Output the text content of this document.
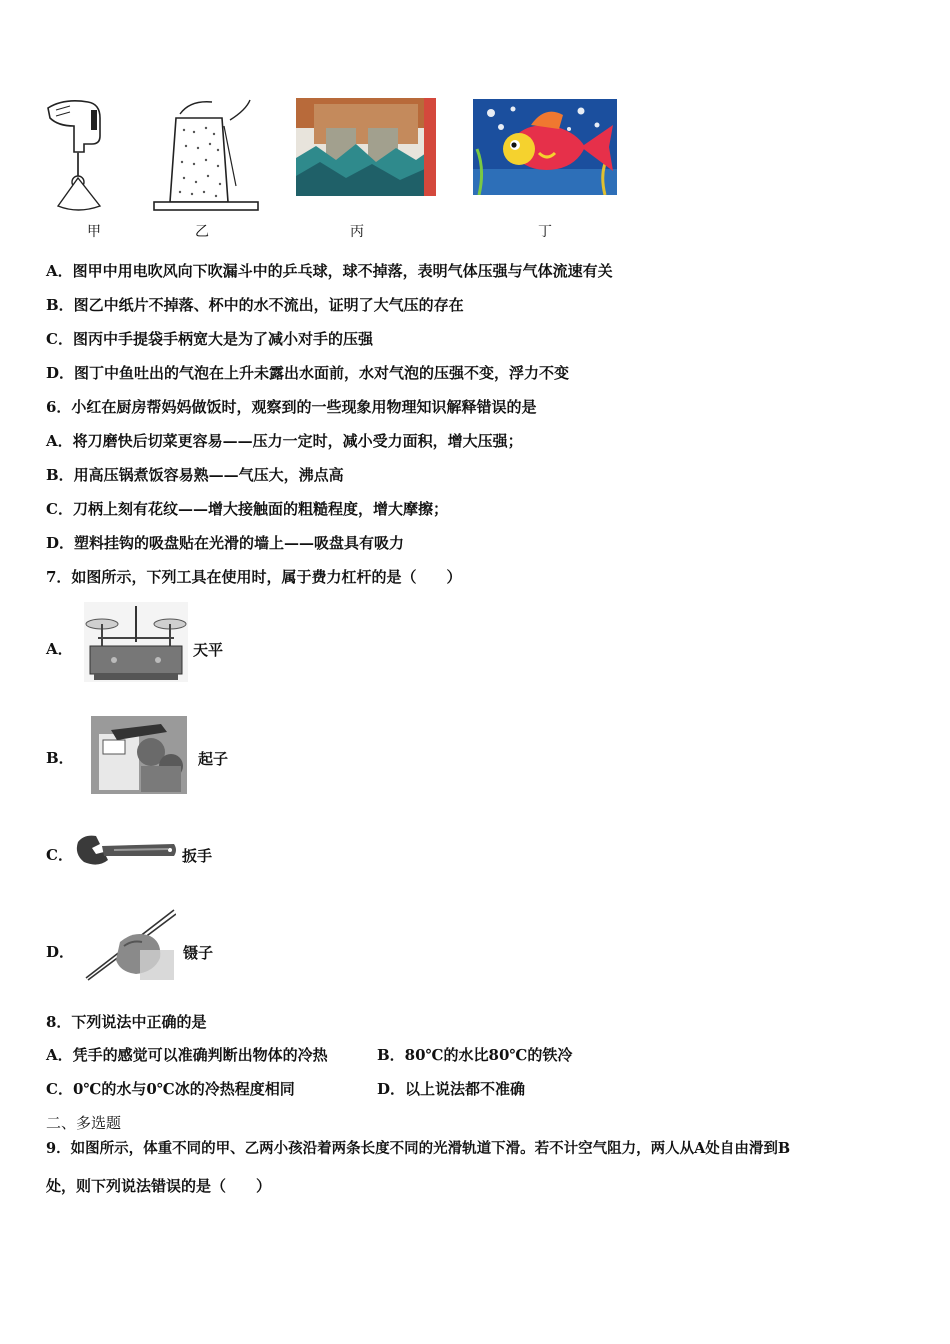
甲	乙	丙	丁
A．图甲中用电吹风向下吹漏斗中的乒乓球，球不掉落，表明气体压强与气体流速有关
B．图乙中纸片不掉落、杯中的水不流出，证明了大气压的存在
C．图丙中手提袋手柄宽大是为了减小对手的压强
D．图丁中鱼吐出的气泡在上升未露出水面前，水对气泡的压强不变，浮力不变
6．小红在厨房帮妈妈做饭时，观察到的一些现象用物理知识解释错误的是
A．将刀磨快后切菜更容易——压力一定时，减小受力面积，增大压强；
B．用高压锅煮饭容易熟——气压大，沸点高
C．刀柄上刻有花纹——增大接触面的粗糙程度，增大摩擦；
D．塑料挂钩的吸盘贴在光滑的墙上——吸盘具有吸力
7．如图所示，下列工具在使用时，属于费力杠杆的是（　　）
A．	天平
B．	起子
C．	扳手
D．	镊子
8．下列说法中正确的是
A．凭手的感觉可以准确判断出物体的冷热	B．80℃的水比80℃的铁冷
C．0℃的水与0℃冰的冷热程度相同	D．以上说法都不准确
二、多选题
9．如图所示，体重不同的甲、乙两小孩沿着两条长度不同的光滑轨道下滑。若不计空气阻力，两人从A处自由滑到B
处，则下列说法错误的是（　　）
